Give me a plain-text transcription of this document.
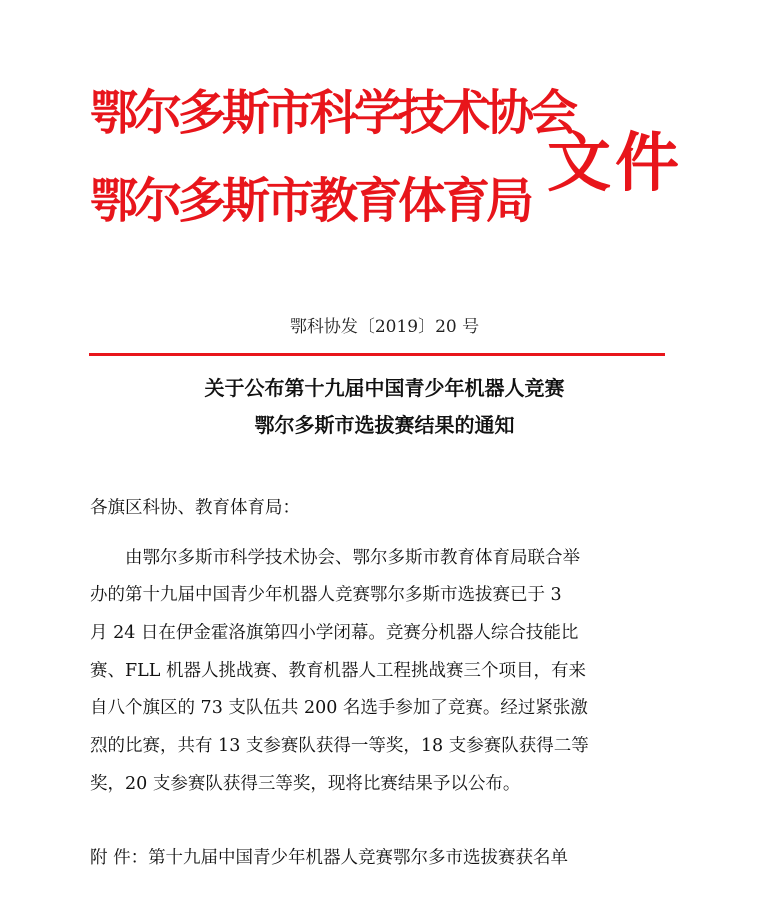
鄂尔多斯市科学技术协会
鄂尔多斯市教育体育局 文件
鄂科协发〔2019〕20 号
关于公布第十九届中国青少年机器人竞赛
鄂尔多斯市选拔赛结果的通知
各旗区科协、教育体育局：
由鄂尔多斯市科学技术协会、鄂尔多斯市教育体育局联合举
办的第十九届中国青少年机器人竞赛鄂尔多斯市选拔赛已于 3
月 24 日在伊金霍洛旗第四小学闭幕。竞赛分机器人综合技能比
赛、FLL 机器人挑战赛、教育机器人工程挑战赛三个项目，有来
自八个旗区的 73 支队伍共 200 名选手参加了竞赛。经过紧张激
烈的比赛，共有 13 支参赛队获得一等奖，18 支参赛队获得二等
奖，20 支参赛队获得三等奖，现将比赛结果予以公布。
附 件：第十九届中国青少年机器人竞赛鄂尔多市选拔赛获名单
